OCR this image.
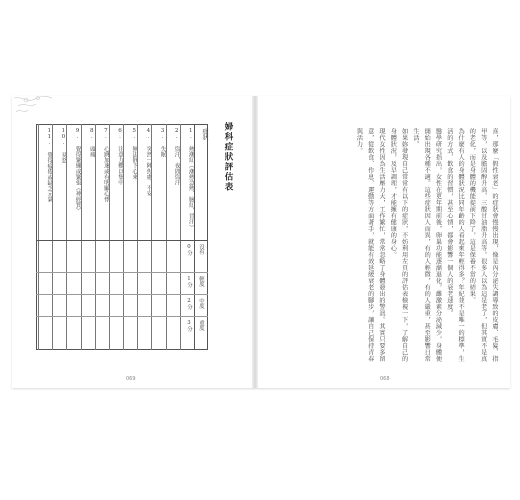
婦科症狀評估表
症狀
1. 熱潮紅（潮熱急熱、臉紅、冒汗）
2. 盜汗，夜間盜汗
3. 失眠
4. 突然一陣焦慮，不安
5. 無法靜下心來
6. 注意力難以集中
7. 心跳加速或有明顯心悸
8. 頭痛
9. 覺得緊繃或緊張（神經質）
10. 易怒
11. 覺得疲倦或缺乏元氣
沒有
0分
輕度
1分
中度
2分
重度
3分
069

喜，那麼「假性衰老」的症狀會慢慢出現，像是內分泌失調導致的皮膚、毛髮、指甲等，以及膽固醇升高、三酸甘油脂升高等。很多人以為這是老了，但其實不是真的老化，而是身體的機能提前下降了，這是保養不當的結果。

為什麼有人的身體狀況比同年齡的人看起來年輕得多？年紀並不是唯一的標準，生活的方式、飲食的習慣，甚至心情，都會影響一個人的衰老速度。

醫學研究指出，女性在更年期前後，卵巢功能逐漸退化，雌激素分泌減少，身體便開始出現各種不適。這些症狀因人而異，有的人輕微，有的人嚴重，甚至影響日常生活。

如果妳發現自己常常有以下的症狀，不妨利用左頁的評估表檢視一下，了解自己的身體狀況，及早調理，才能擁有健康的身心。

現代女性因為生活壓力大，工作繁忙，常常忽略了身體發出的警訊。其實只要多留意，從飲食、作息、運動等方面著手，就能有效延緩衰老的腳步，讓自己保持青春與活力。

068
